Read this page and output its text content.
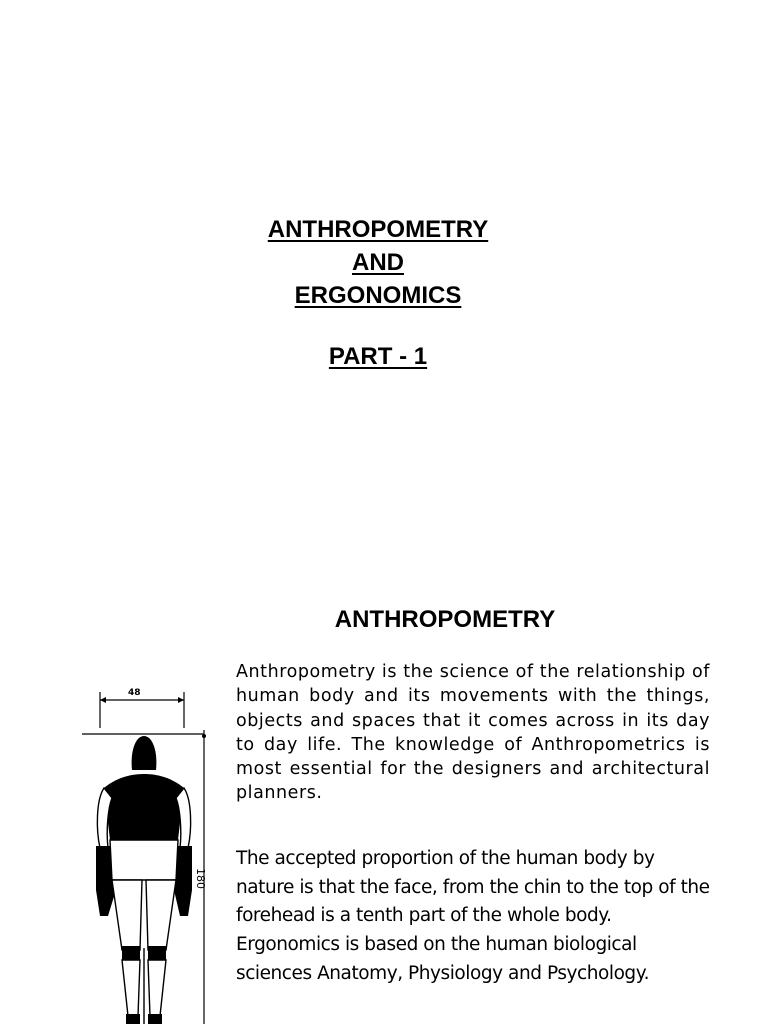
ANTHROPOMETRY
AND
ERGONOMICS
PART - 1
ANTHROPOMETRY
48
180
Anthropometry is the science of the relationship of human body and its movements with the things, objects and spaces that it comes across in its day to day life. The knowledge of Anthropometrics is most essential for the designers and architectural planners.
The accepted proportion of the human body by nature is that the face, from the chin to the top of the forehead is a tenth part of the whole body. Ergonomics is based on the human biological sciences Anatomy, Physiology and Psychology.
